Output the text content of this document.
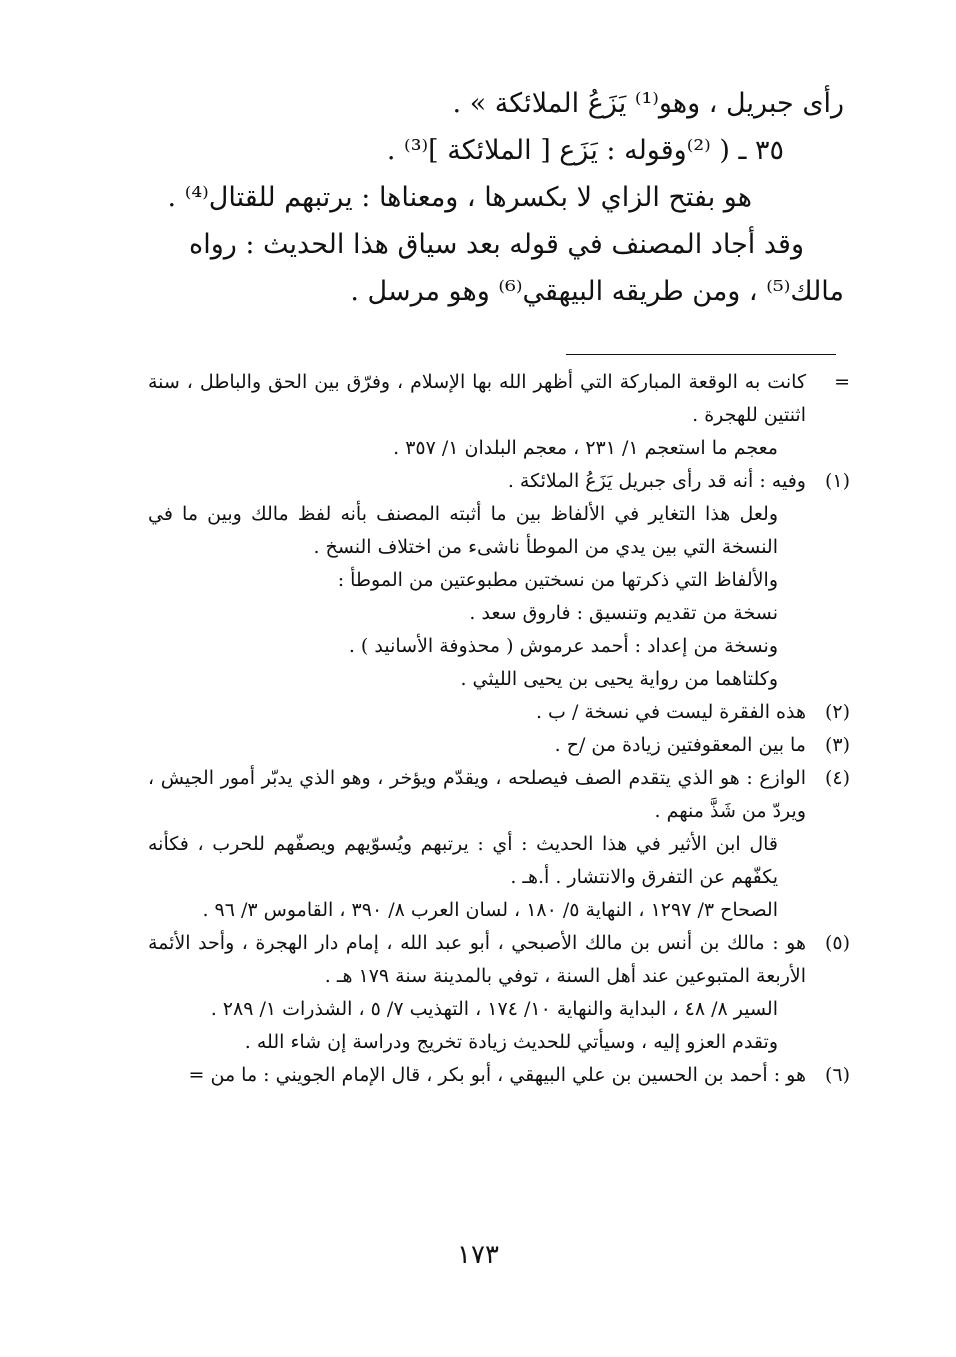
رأى جبريل ، وهو⁽¹⁾ يَزَعُ الملائكة » .

٣٥ ـ ( ⁽²⁾وقوله : يَزَع [ الملائكة ]⁽³⁾ .

هو بفتح الزاي لا بكسرها ، ومعناها : يرتبهم للقتال⁽⁴⁾ .

وقد أجاد المصنف في قوله بعد سياق هذا الحديث : رواه

مالك⁽⁵⁾ ، ومن طريقه البيهقي⁽⁶⁾ وهو مرسل .

=
كانت به الوقعة المباركة التي أظهر الله بها الإسلام ، وفرّق بين الحق والباطل ، سنة اثنتين للهجرة .
معجم ما استعجم ١/ ٢٣١ ، معجم البلدان ١/ ٣٥٧ .
(١)
وفيه : أنه قد رأى جبريل يَزَعُ الملائكة .
ولعل هذا التغاير في الألفاظ بين ما أثبته المصنف بأنه لفظ مالك وبين ما في النسخة التي بين يدي من الموطأ ناشىء من اختلاف النسخ .
والألفاظ التي ذكرتها من نسختين مطبوعتين من الموطأ :
نسخة من تقديم وتنسيق : فاروق سعد .
ونسخة من إعداد : أحمد عرموش ( محذوفة الأسانيد ) .
وكلتاهما من رواية يحيى بن يحيى الليثي .
(٢)
هذه الفقرة ليست في نسخة / ب .
(٣)
ما بين المعقوفتين زيادة من /ح .
(٤)
الوازع : هو الذي يتقدم الصف فيصلحه ، ويقدّم ويؤخر ، وهو الذي يدبّر أمور الجيش ، ويردّ من شَذَّ منهم .
قال ابن الأثير في هذا الحديث : أي : يرتبهم ويُسوّيهم ويصفّهم للحرب ، فكأنه يكفّهم عن التفرق والانتشار . أ.هـ .
الصحاح ٣/ ١٢٩٧ ، النهاية ٥/ ١٨٠ ، لسان العرب ٨/ ٣٩٠ ، القاموس ٣/ ٩٦ .
(٥)
هو : مالك بن أنس بن مالك الأصبحي ، أبو عبد الله ، إمام دار الهجرة ، وأحد الأئمة الأربعة المتبوعين عند أهل السنة ، توفي بالمدينة سنة ١٧٩ هـ .
السير ٨/ ٤٨ ، البداية والنهاية ١٠/ ١٧٤ ، التهذيب ٧/ ٥ ، الشذرات ١/ ٢٨٩ .
وتقدم العزو إليه ، وسيأتي للحديث زيادة تخريج ودراسة إن شاء الله .
(٦)
هو : أحمد بن الحسين بن علي البيهقي ، أبو بكر ، قال الإمام الجويني : ما من =
١٧٣
